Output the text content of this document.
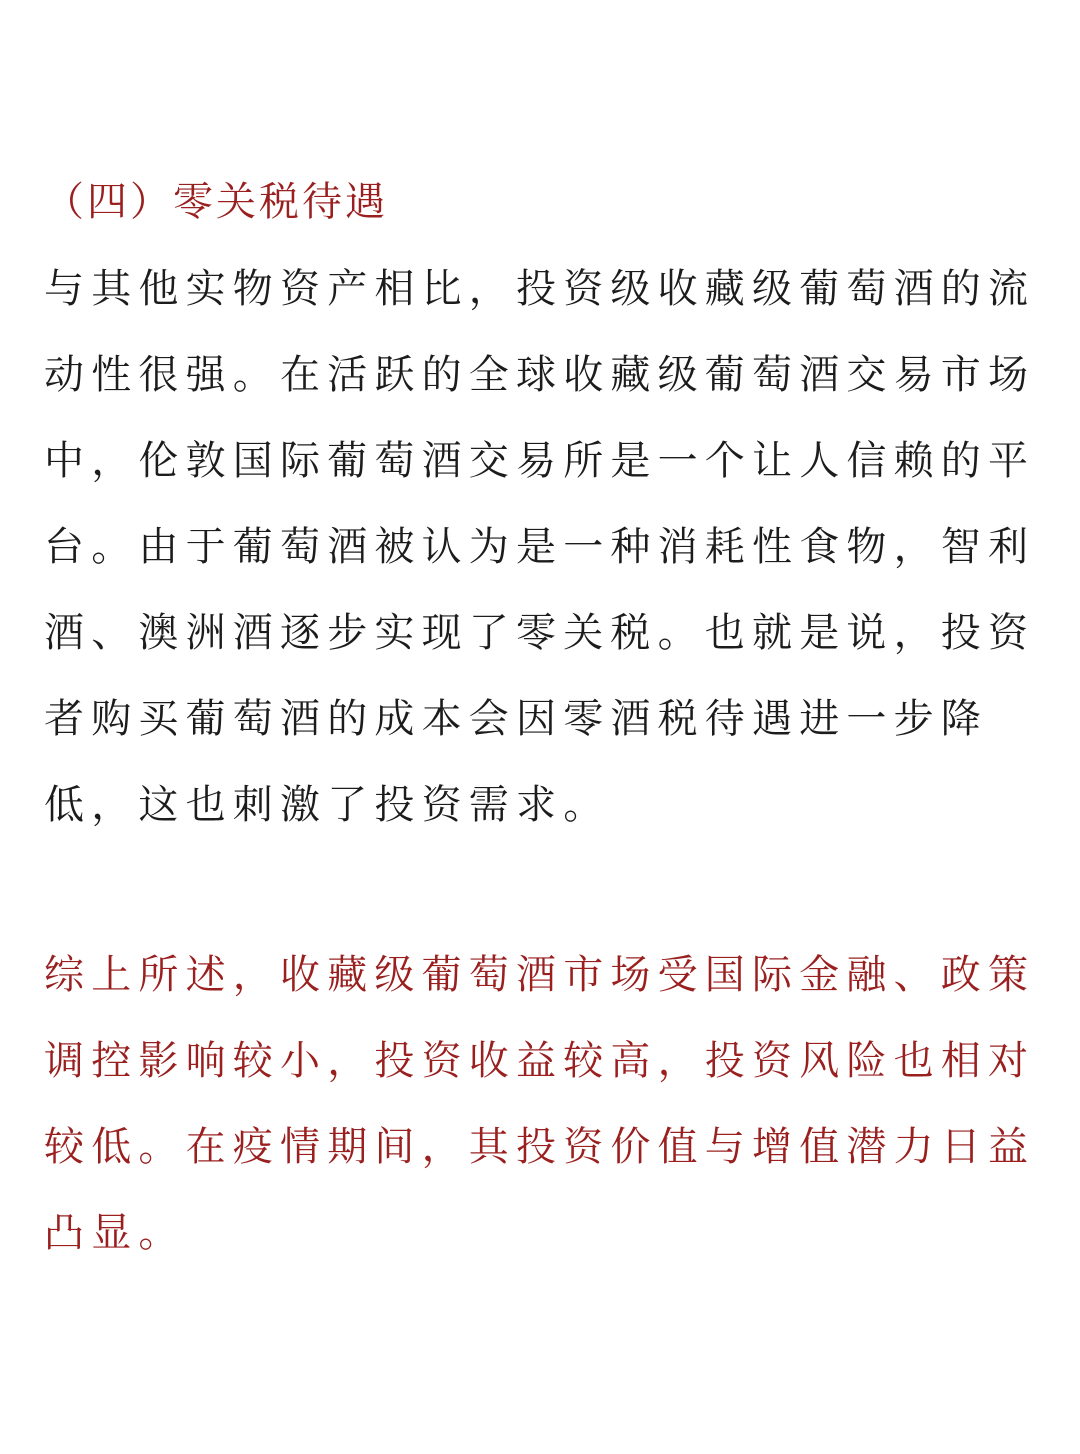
（四）零关税待遇
与其他实物资产相比，投资级收藏级葡萄酒的流
动性很强。在活跃的全球收藏级葡萄酒交易市场
中，伦敦国际葡萄酒交易所是一个让人信赖的平
台。由于葡萄酒被认为是一种消耗性食物，智利
酒、澳洲酒逐步实现了零关税。也就是说，投资
者购买葡萄酒的成本会因零酒税待遇进一步降
低，这也刺激了投资需求。
综上所述，收藏级葡萄酒市场受国际金融、政策
调控影响较小，投资收益较高，投资风险也相对
较低。在疫情期间，其投资价值与增值潜力日益
凸显。
